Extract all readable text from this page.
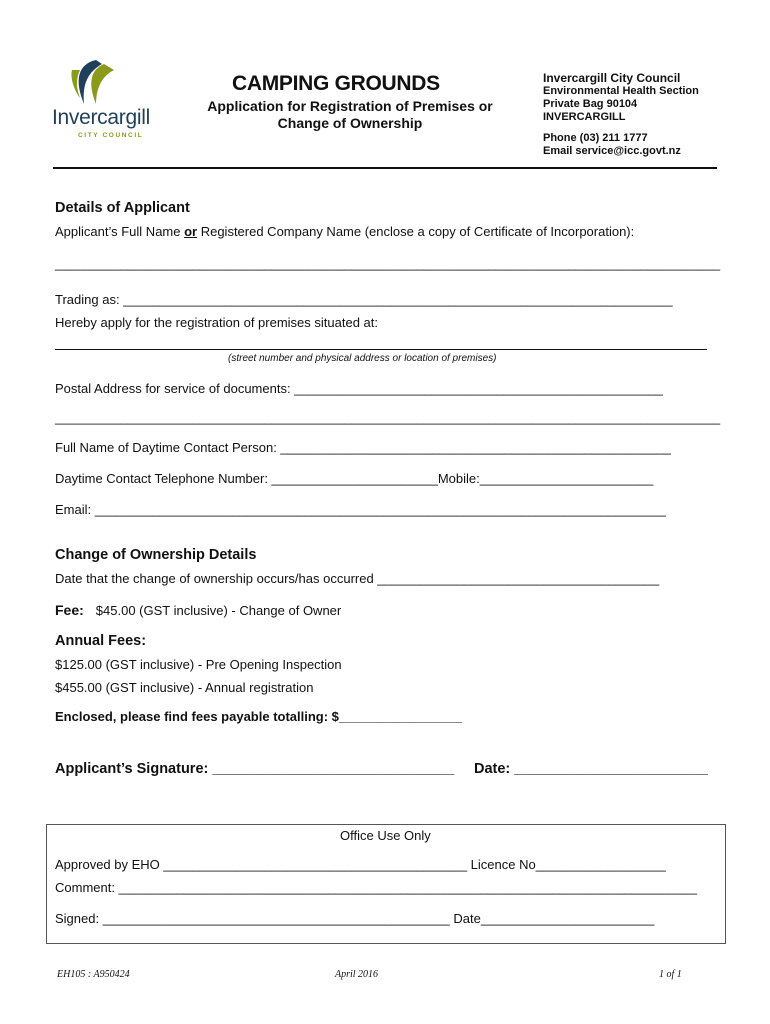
Invercargill
CITY COUNCIL
CAMPING GROUNDS
Application for Registration of Premises or Change of Ownership
Invercargill City Council
Environmental Health Section
Private Bag 90104
INVERCARGILL
Phone (03) 211 1777
Email service@icc.govt.nz
Details of Applicant
Applicant’s Full Name or Registered Company Name (enclose a copy of Certificate of Incorporation):
____________________________________________________________________________________________
Trading as: ____________________________________________________________________________
Hereby apply for the registration of premises situated at:
(street number and physical address or location of premises)
Postal Address for service of documents: ___________________________________________________
____________________________________________________________________________________________
Full Name of Daytime Contact Person: ______________________________________________________
Daytime Contact Telephone Number: _______________________Mobile:________________________
Email: _______________________________________________________________________________
Change of Ownership Details
Date that the change of ownership occurs/has occurred _______________________________________
Fee: $45.00 (GST inclusive) - Change of Owner
Annual Fees:
$125.00 (GST inclusive) - Pre Opening Inspection
$455.00 (GST inclusive) - Annual registration
Enclosed, please find fees payable totalling: $_________________
Applicant’s Signature: ______________________________ Date: ________________________
Office Use Only
Approved by EHO __________________________________________ Licence No__________________
Comment: ________________________________________________________________________________
Signed: ________________________________________________ Date________________________
EH105 : A950424	April 2016	1 of 1
